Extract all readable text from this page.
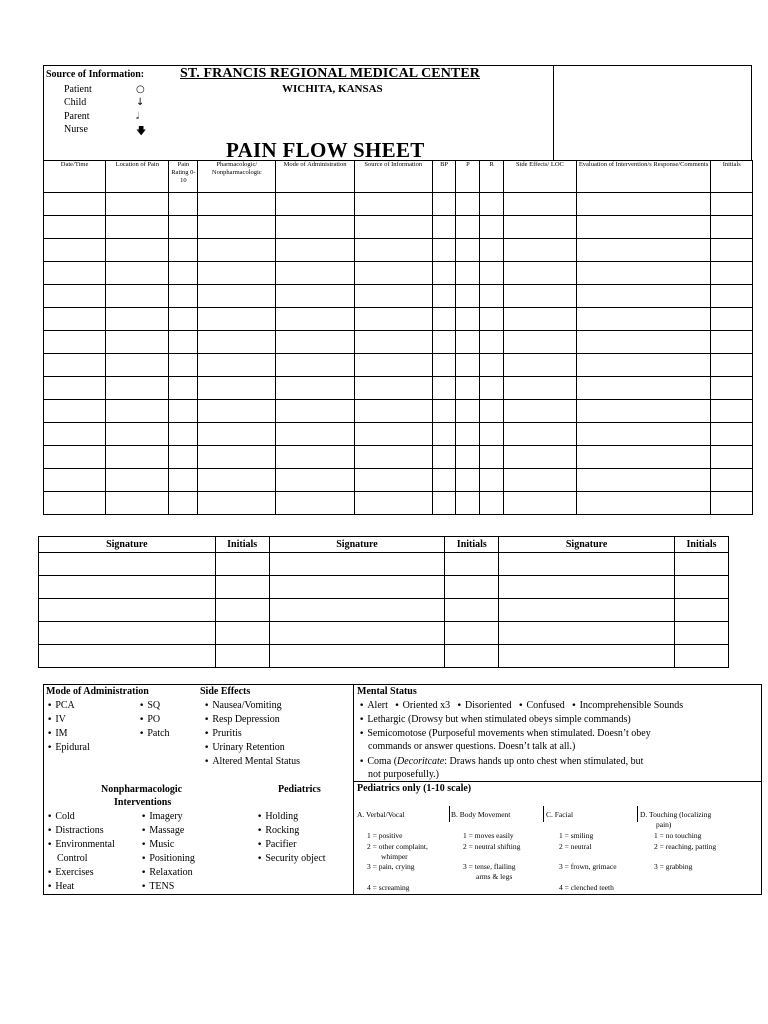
Source of Information:
Patient	○
Child	↓
Parent	𝅗𝅥
Nurse	🡇
ST. FRANCIS REGIONAL MEDICAL CENTER
WICHITA, KANSAS
PAIN FLOW SHEET
Date/Time	Location of Pain	Pain Rating 0-10	Pharmacologic/ Nonpharmacologic	Mode of Administration	Source of Information	BP	P	R	Side Effects/ LOC	Evaluation of Intervention/s Response/Comments	Initials

Signature	Initials	Signature	Initials	Signature	Initials

Mode of Administration
• PCA
• IV
• IM
• Epidural
• SQ
• PO
• Patch
Side Effects
• Nausea/Vomiting
• Resp Depression
• Pruritis
• Urinary Retention
• Altered Mental Status
Nonpharmacologic
Interventions
• Cold
• Distractions
• Environmental
Control
• Exercises
• Heat
• Imagery
• Massage
• Music
• Positioning
• Relaxation
• TENS
Pediatrics
• Holding
• Rocking
• Pacifier
• Security object
Mental Status
• Alert • Oriented x3 • Disoriented • Confused • Incomprehensible Sounds
• Lethargic (Drowsy but when stimulated obeys simple commands)
• Semicomotose (Purposeful movements when stimulated. Doesn’t obey
commands or answer questions. Doesn’t talk at all.)
• Coma (Decoritcate: Draws hands up onto chest when stimulated, but
not purposefully.)
Pediatrics only (1-10 scale)
A. Verbal/Vocal
1 = positive
2 = other complaint,
whimper
3 = pain, crying
4 = screaming
B. Body Movement
1 = moves easily
2 = neutral shifting
3 = tense, flailing
arms & legs
C. Facial
1 = smiling
2 = neutral
3 = frown, grimace
4 = clenched teeth
D. Touching (localizing
pain)
1 = no touching
2 = reaching, patting
3 = grabbing
